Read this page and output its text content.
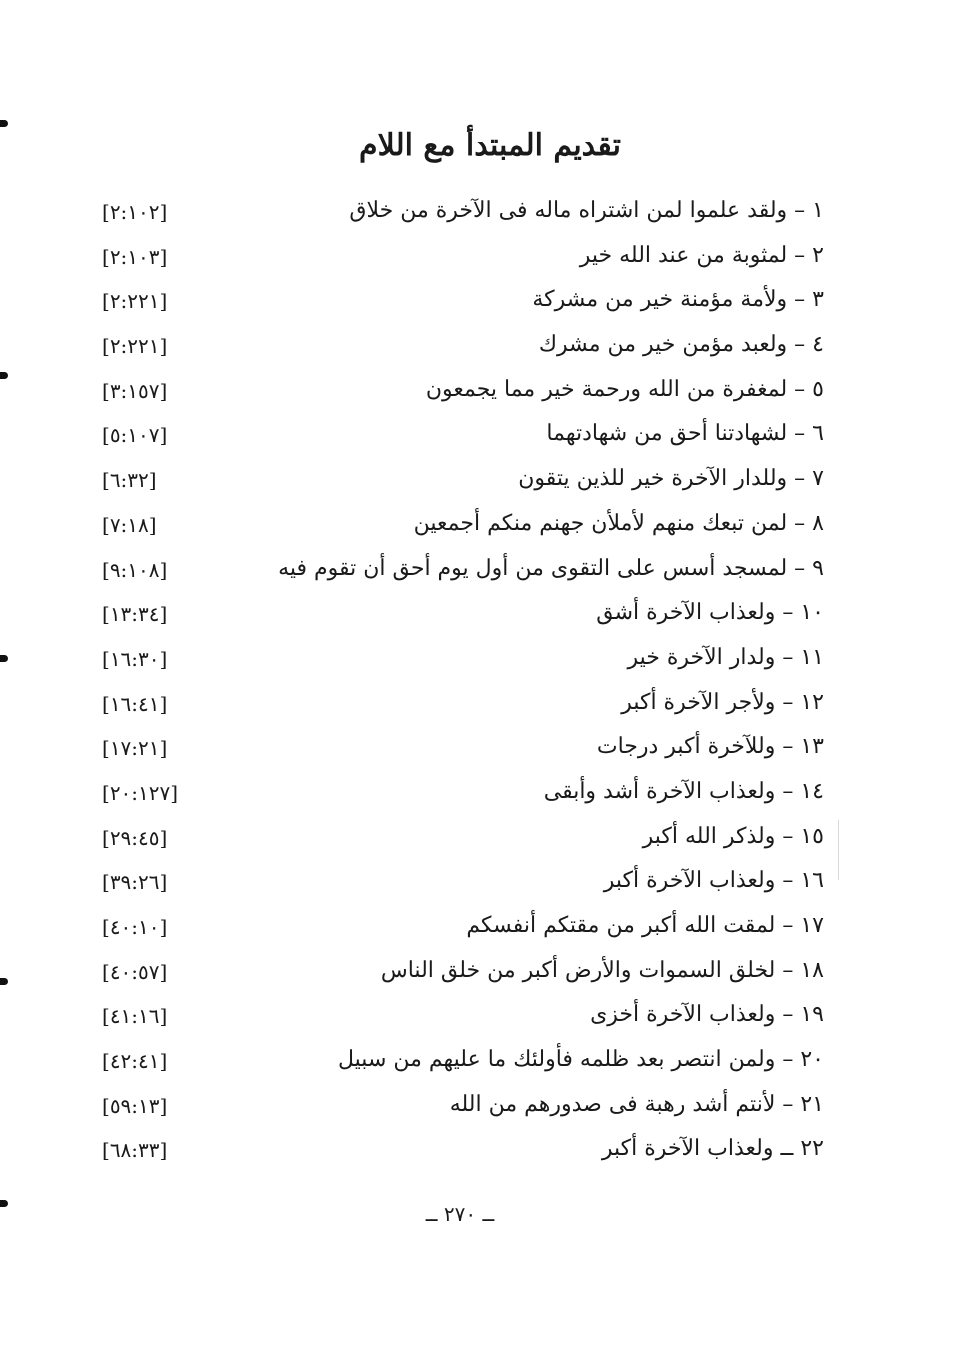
تقديم المبتدأ مع اللام
١ – ولقد علموا لمن اشتراه ماله فى الآخرة من خلاق
[٢:١٠٢]
٢ – لمثوبة من عند الله خير
[٢:١٠٣]
٣ – ولأمة مؤمنة خير من مشركة
[٢:٢٢١]
٤ – ولعبد مؤمن خير من مشرك
[٢:٢٢١]
٥ – لمغفرة من الله ورحمة خير مما يجمعون
[٣:١٥٧]
٦ – لشهادتنا أحق من شهادتهما
[٥:١٠٧]
٧ – وللدار الآخرة خير للذين يتقون
[٦:٣٢]
٨ – لمن تبعك منهم لأملأن جهنم منكم أجمعين
[٧:١٨]
٩ – لمسجد أسس على التقوى من أول يوم أحق أن تقوم فيه
[٩:١٠٨]
١٠ – ولعذاب الآخرة أشق
[١٣:٣٤]
١١ – ولدار الآخرة خير
[١٦:٣٠]
١٢ – ولأجر الآخرة أكبر
[١٦:٤١]
١٣ – وللآخرة أكبر درجات
[١٧:٢١]
١٤ – ولعذاب الآخرة أشد وأبقى
[٢٠:١٢٧]
١٥ – ولذكر الله أكبر
[٢٩:٤٥]
١٦ – ولعذاب الآخرة أكبر
[٣٩:٢٦]
١٧ – لمقت الله أكبر من مقتكم أنفسكم
[٤٠:١٠]
١٨ – لخلق السموات والأرض أكبر من خلق الناس
[٤٠:٥٧]
١٩ – ولعذاب الآخرة أخزى
[٤١:١٦]
٢٠ – ولمن انتصر بعد ظلمه فأولئك ما عليهم من سبيل
[٤٢:٤١]
٢١ – لأنتم أشد رهبة فى صدورهم من الله
[٥٩:١٣]
٢٢ ــ ولعذاب الآخرة أكبر
[٦٨:٣٣]
ــ ٢٧٠ ــ
